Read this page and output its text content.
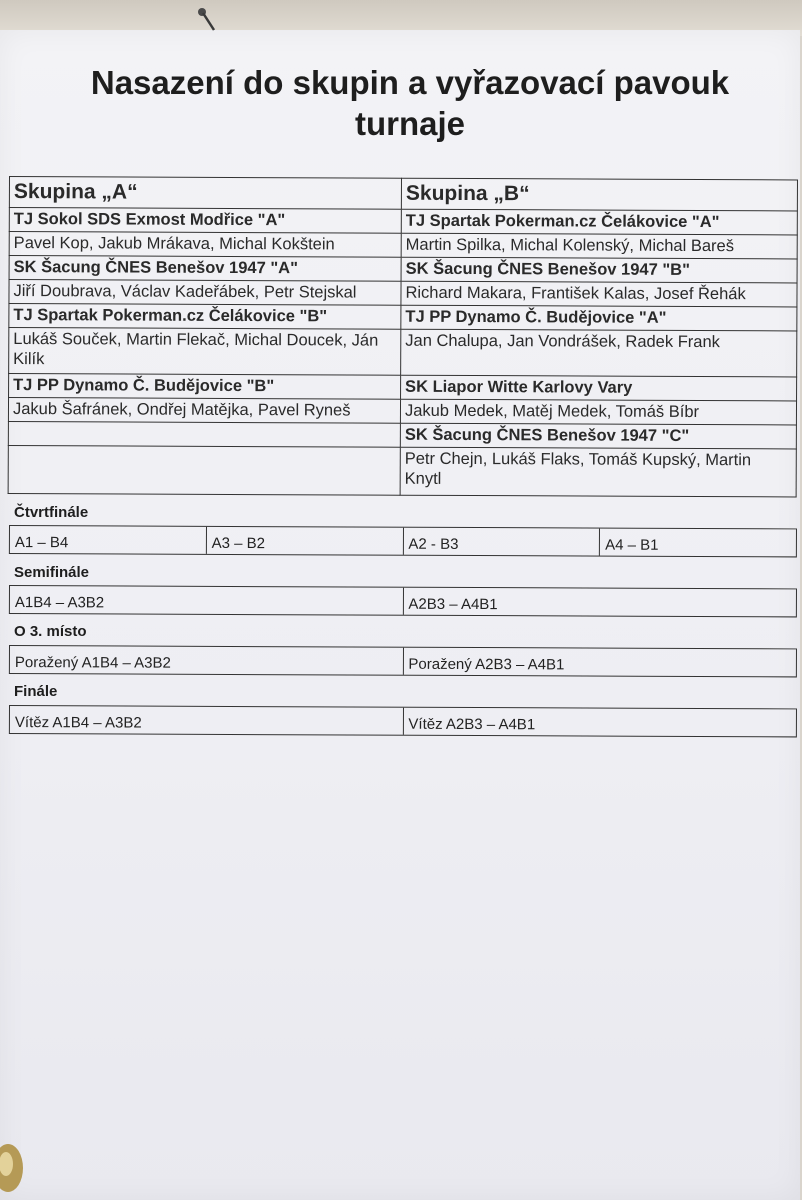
Nasazení do skupin a vyřazovací pavouk turnaje
Skupina „A“	Skupina „B“
TJ Sokol SDS Exmost Modřice "A"	TJ Spartak Pokerman.cz Čelákovice "A"
Pavel Kop, Jakub Mrákava, Michal Kokštein	Martin Spilka, Michal Kolenský, Michal Bareš
SK Šacung ČNES Benešov 1947 "A"	SK Šacung ČNES Benešov 1947 "B"
Jiří Doubrava, Václav Kadeřábek, Petr Stejskal	Richard Makara, František Kalas, Josef Řehák
TJ Spartak Pokerman.cz Čelákovice "B"	TJ PP Dynamo Č. Budějovice "A"
Lukáš Souček, Martin Flekač, Michal Doucek, Ján Kilík	Jan Chalupa, Jan Vondrášek, Radek Frank
TJ PP Dynamo Č. Budějovice "B"	SK Liapor Witte Karlovy Vary
Jakub Šafránek, Ondřej Matějka, Pavel Ryneš	Jakub Medek, Matěj Medek, Tomáš Bíbr
	SK Šacung ČNES Benešov 1947 "C"
	Petr Chejn, Lukáš Flaks, Tomáš Kupský, Martin Knytl
Čtvrtfinále
A1 – B4	A3 – B2	A2 - B3	A4 – B1
Semifinále
A1B4 – A3B2	A2B3 – A4B1
O 3. místo
Poražený A1B4 – A3B2	Poražený A2B3 – A4B1
Finále
Vítěz A1B4 – A3B2	Vítěz A2B3 – A4B1
